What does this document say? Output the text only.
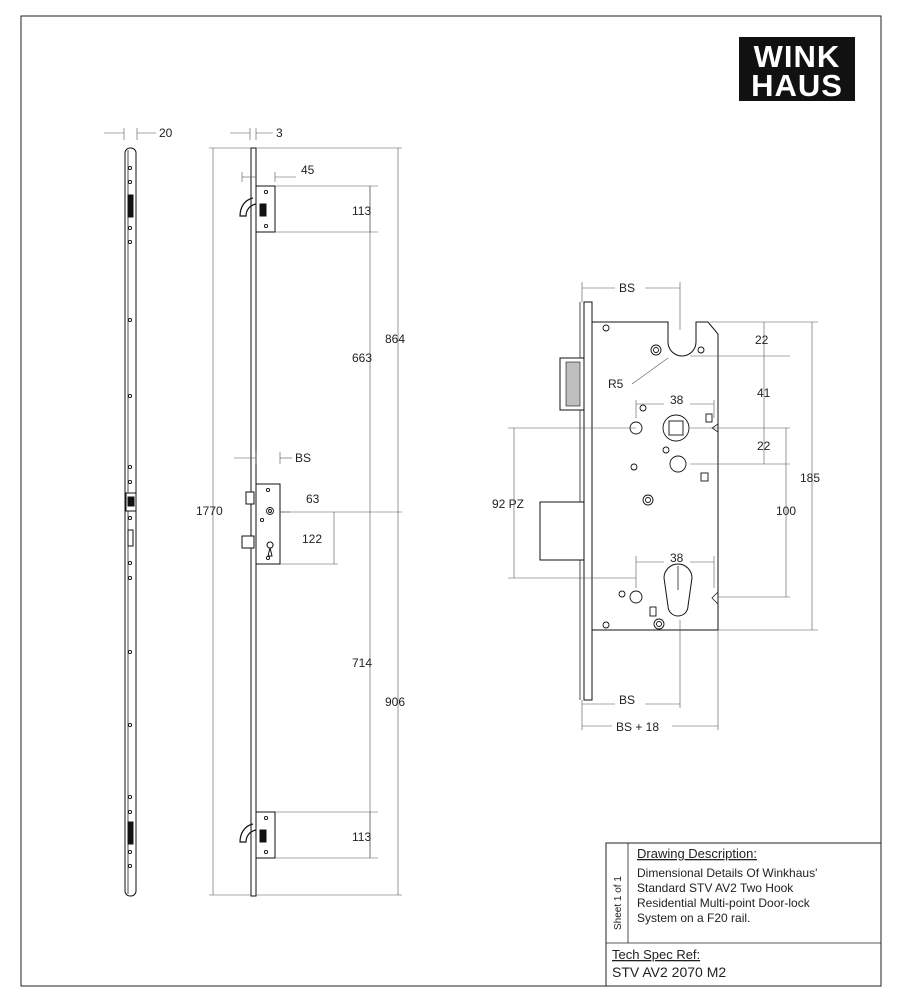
WINK
HAUS
20	3
1770
864
906
663
714
45
113
BS
63
122
113
BS
R5
22
41
22
100
185
38
38
92 PZ
BS
BS + 18
Sheet 1 of 1
Drawing Description:
Dimensional Details Of Winkhaus'
Standard STV AV2 Two Hook
Residential Multi-point Door-lock
System on a F20 rail.
Tech Spec Ref:
STV AV2 2070 M2
